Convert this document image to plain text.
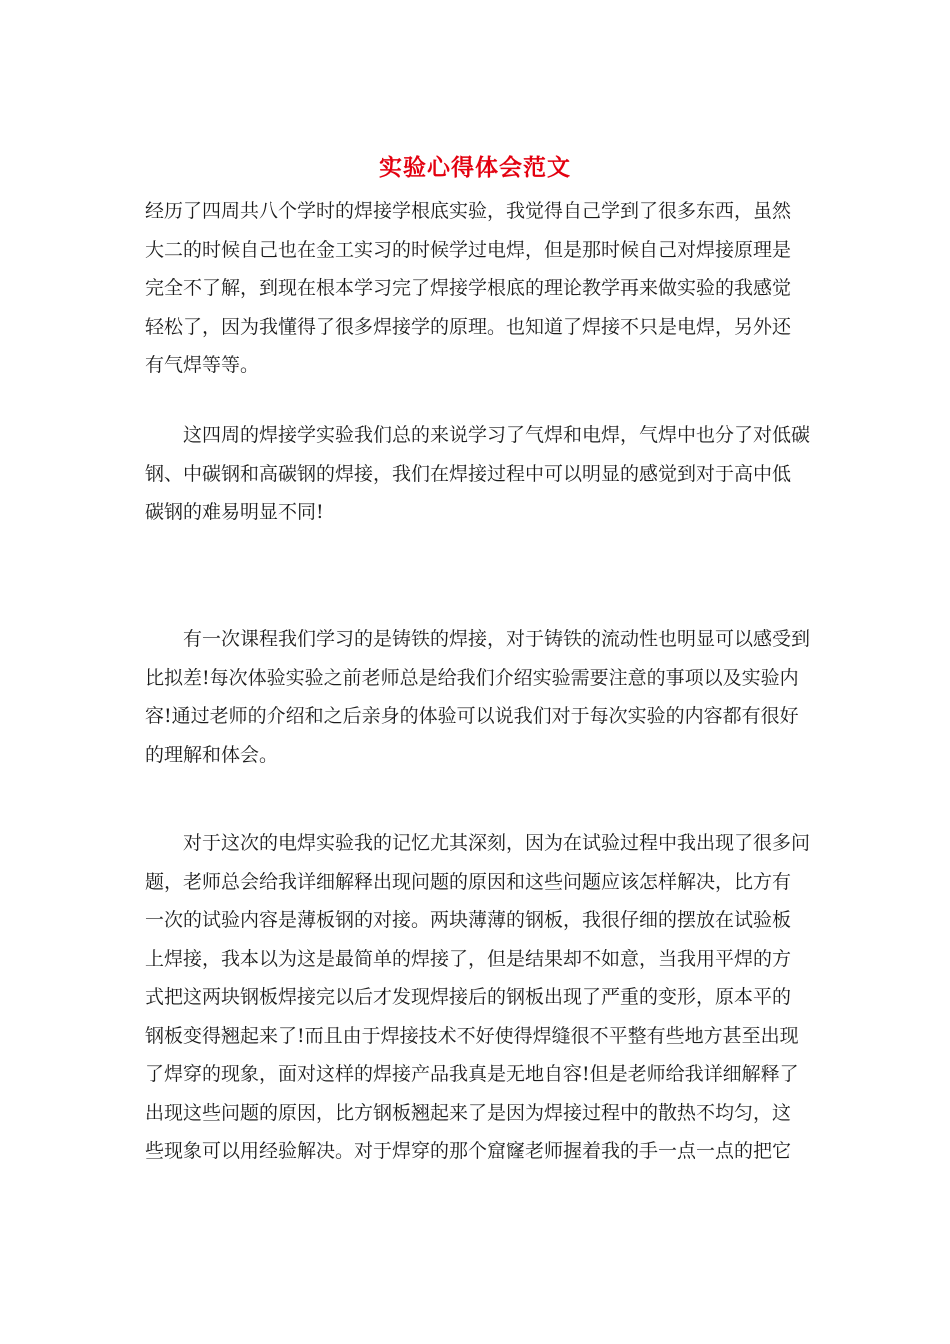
实验心得体会范文
经历了四周共八个学时的焊接学根底实验，我觉得自己学到了很多东西，虽然
大二的时候自己也在金工实习的时候学过电焊，但是那时候自己对焊接原理是
完全不了解，到现在根本学习完了焊接学根底的理论教学再来做实验的我感觉
轻松了，因为我懂得了很多焊接学的原理。也知道了焊接不只是电焊，另外还
有气焊等等。
　　这四周的焊接学实验我们总的来说学习了气焊和电焊，气焊中也分了对低碳
钢、中碳钢和高碳钢的焊接，我们在焊接过程中可以明显的感觉到对于高中低
碳钢的难易明显不同!
　　有一次课程我们学习的是铸铁的焊接，对于铸铁的流动性也明显可以感受到
比拟差!每次体验实验之前老师总是给我们介绍实验需要注意的事项以及实验内
容!通过老师的介绍和之后亲身的体验可以说我们对于每次实验的内容都有很好
的理解和体会。
　　对于这次的电焊实验我的记忆尤其深刻，因为在试验过程中我出现了很多问
题，老师总会给我详细解释出现问题的原因和这些问题应该怎样解决，比方有
一次的试验内容是薄板钢的对接。两块薄薄的钢板，我很仔细的摆放在试验板
上焊接，我本以为这是最简单的焊接了，但是结果却不如意，当我用平焊的方
式把这两块钢板焊接完以后才发现焊接后的钢板出现了严重的变形，原本平的
钢板变得翘起来了!而且由于焊接技术不好使得焊缝很不平整有些地方甚至出现
了焊穿的现象，面对这样的焊接产品我真是无地自容!但是老师给我详细解释了
出现这些问题的原因，比方钢板翘起来了是因为焊接过程中的散热不均匀，这
些现象可以用经验解决。对于焊穿的那个窟窿老师握着我的手一点一点的把它
